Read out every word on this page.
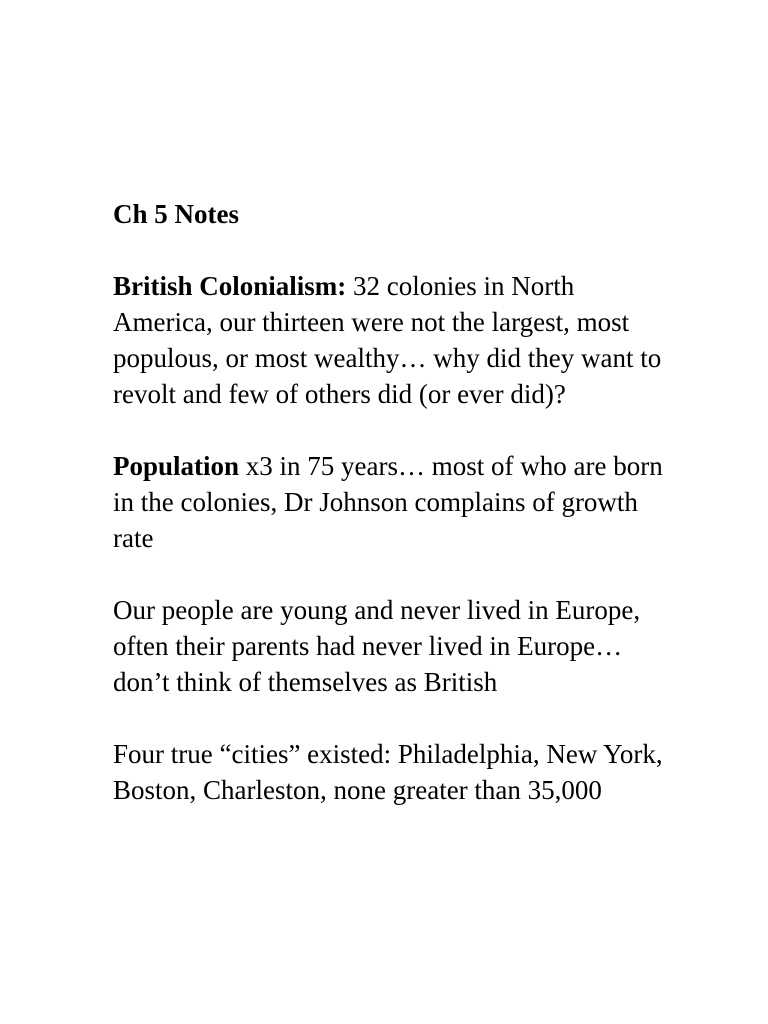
Ch 5 Notes

British Colonialism: 32 colonies in North America, our thirteen were not the largest, most populous, or most wealthy… why did they want to revolt and few of others did (or ever did)?

Population x3 in 75 years… most of who are born in the colonies, Dr Johnson complains of growth rate

Our people are young and never lived in Europe, often their parents had never lived in Europe… don’t think of themselves as British

Four true “cities” existed: Philadelphia, New York, Boston, Charleston, none greater than 35,000
